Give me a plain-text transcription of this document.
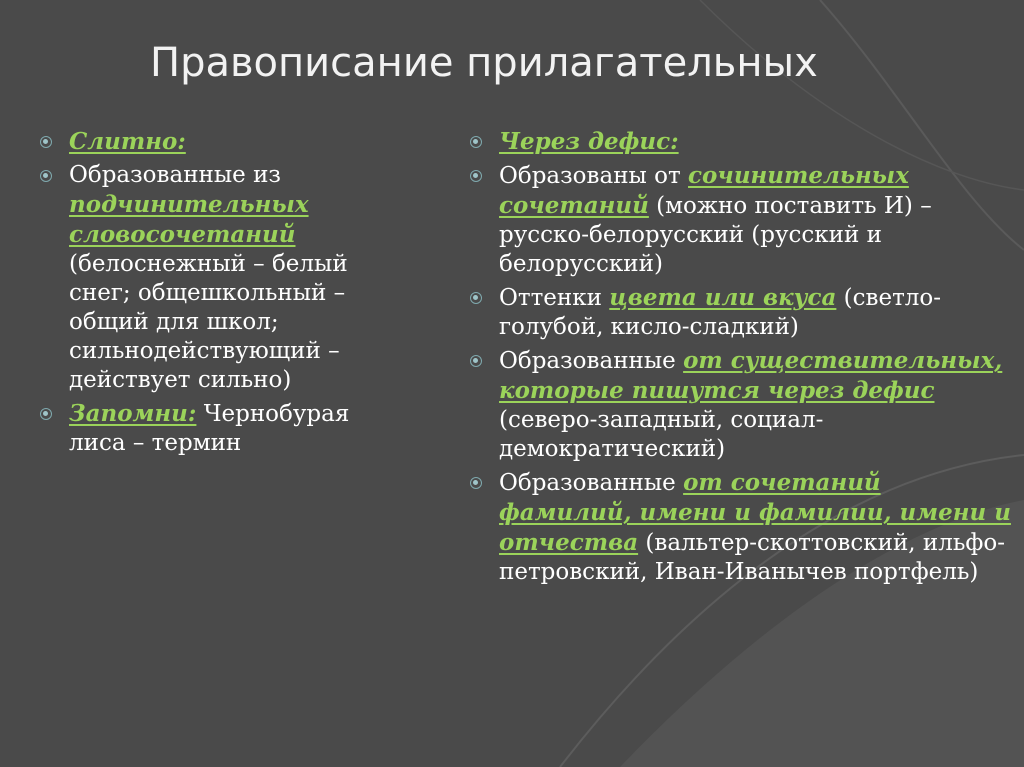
Правописание прилагательных
Слитно:
Образованные из подчинительных словосочетаний (белоснежный – белый снег; общешкольный – общий для школ; сильнодействующий – действует сильно)
Запомни: Чернобурая лиса – термин
Через дефис:
Образованы от сочинительных сочетаний (можно поставить И) – русско-белорусский (русский и белорусский)
Оттенки цвета или вкуса (светло-голубой, кисло-сладкий)
Образованные от существительных, которые пишутся через дефис (северо-западный, социал-демократический)
Образованные от сочетаний фамилий, имени и фамилии, имени и отчества (вальтер-скоттовский, ильфо-петровский, Иван-Иванычев портфель)
